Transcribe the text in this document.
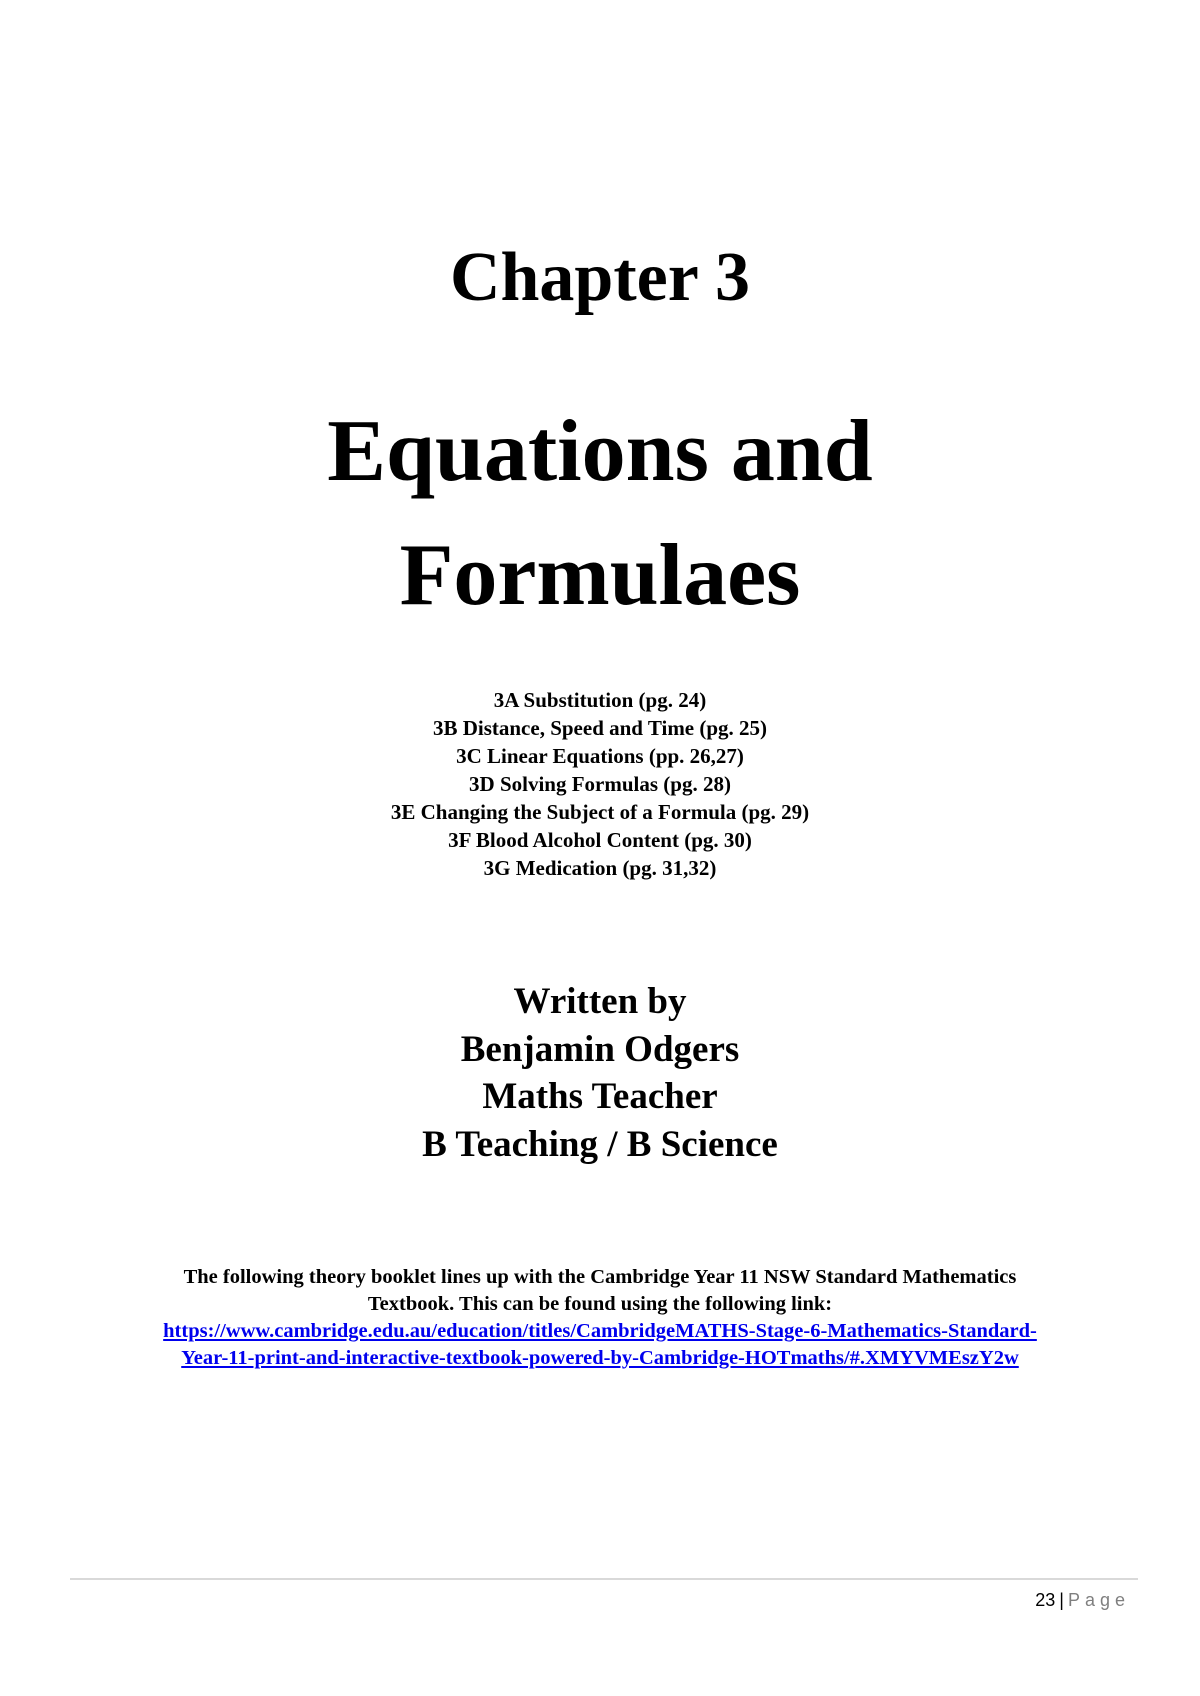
Chapter 3
Equations and
Formulaes
3A Substitution (pg. 24)
3B Distance, Speed and Time (pg. 25)
3C Linear Equations (pp. 26,27)
3D Solving Formulas (pg. 28)
3E Changing the Subject of a Formula (pg. 29)
3F Blood Alcohol Content (pg. 30)
3G Medication (pg. 31,32)
Written by
Benjamin Odgers
Maths Teacher
B Teaching / B Science
The following theory booklet lines up with the Cambridge Year 11 NSW Standard Mathematics
Textbook. This can be found using the following link:
https://www.cambridge.edu.au/education/titles/CambridgeMATHS-Stage-6-Mathematics-Standard-
Year-11-print-and-interactive-textbook-powered-by-Cambridge-HOTmaths/#.XMYVMEszY2w
23 | Page
